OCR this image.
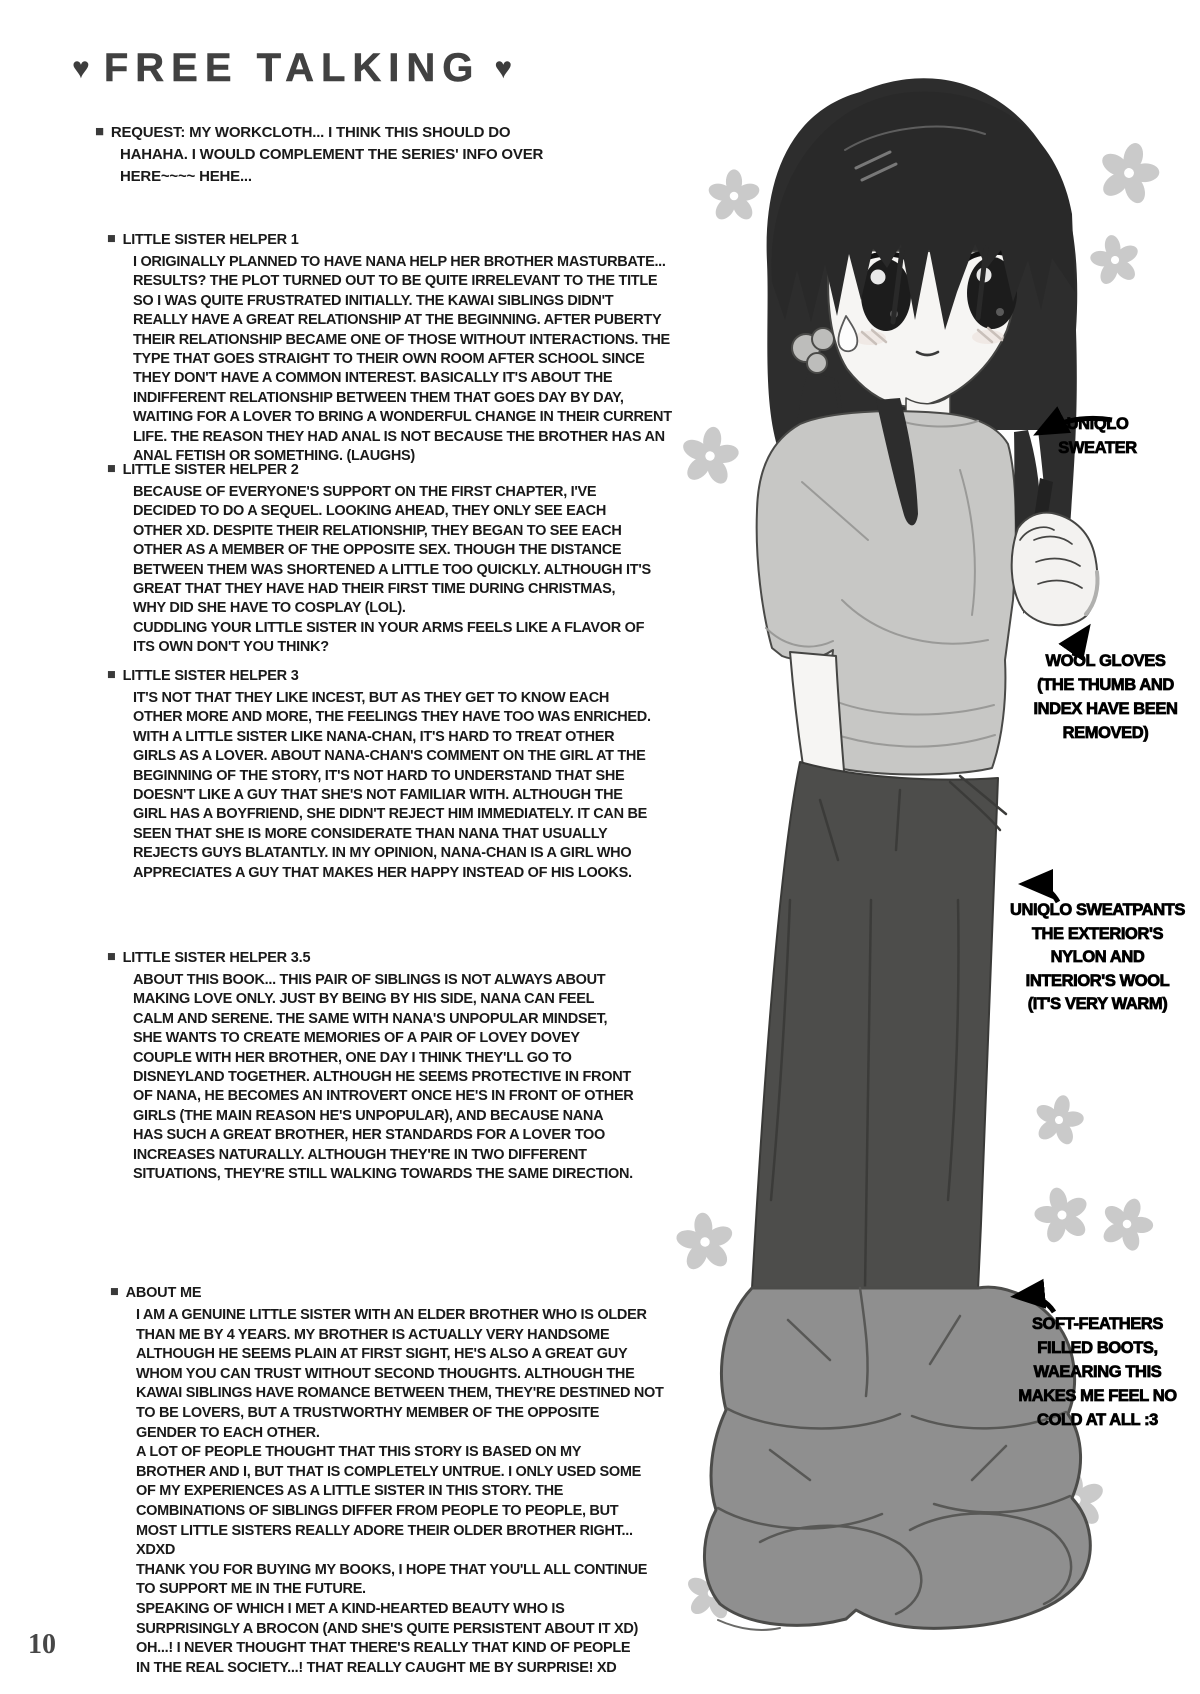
♥ FREE TALKING ♥
■ REQUEST: MY WORKCLOTH... I THINK THIS SHOULD DO
HAHAHA. I WOULD COMPLEMENT THE SERIES' INFO OVER
HERE~~~~ HEHE...
■ LITTLE SISTER HELPER 1
I ORIGINALLY PLANNED TO HAVE NANA HELP HER BROTHER MASTURBATE...
RESULTS? THE PLOT TURNED OUT TO BE QUITE IRRELEVANT TO THE TITLE
SO I WAS QUITE FRUSTRATED INITIALLY. THE KAWAI SIBLINGS DIDN'T
REALLY HAVE A GREAT RELATIONSHIP AT THE BEGINNING. AFTER PUBERTY
THEIR RELATIONSHIP BECAME ONE OF THOSE WITHOUT INTERACTIONS. THE
TYPE THAT GOES STRAIGHT TO THEIR OWN ROOM AFTER SCHOOL SINCE
THEY DON'T HAVE A COMMON INTEREST. BASICALLY IT'S ABOUT THE
INDIFFERENT RELATIONSHIP BETWEEN THEM THAT GOES DAY BY DAY,
WAITING FOR A LOVER TO BRING A WONDERFUL CHANGE IN THEIR CURRENT
LIFE. THE REASON THEY HAD ANAL IS NOT BECAUSE THE BROTHER HAS AN
ANAL FETISH OR SOMETHING. (LAUGHS)
■ LITTLE SISTER HELPER 2
BECAUSE OF EVERYONE'S SUPPORT ON THE FIRST CHAPTER, I'VE
DECIDED TO DO A SEQUEL. LOOKING AHEAD, THEY ONLY SEE EACH
OTHER XD. DESPITE THEIR RELATIONSHIP, THEY BEGAN TO SEE EACH
OTHER AS A MEMBER OF THE OPPOSITE SEX. THOUGH THE DISTANCE
BETWEEN THEM WAS SHORTENED A LITTLE TOO QUICKLY. ALTHOUGH IT'S
GREAT THAT THEY HAVE HAD THEIR FIRST TIME DURING CHRISTMAS,
WHY DID SHE HAVE TO COSPLAY (LOL).
CUDDLING YOUR LITTLE SISTER IN YOUR ARMS FEELS LIKE A FLAVOR OF
ITS OWN DON'T YOU THINK?
■ LITTLE SISTER HELPER 3
IT'S NOT THAT THEY LIKE INCEST, BUT AS THEY GET TO KNOW EACH
OTHER MORE AND MORE, THE FEELINGS THEY HAVE TOO WAS ENRICHED.
WITH A LITTLE SISTER LIKE NANA-CHAN, IT'S HARD TO TREAT OTHER
GIRLS AS A LOVER. ABOUT NANA-CHAN'S COMMENT ON THE GIRL AT THE
BEGINNING OF THE STORY, IT'S NOT HARD TO UNDERSTAND THAT SHE
DOESN'T LIKE A GUY THAT SHE'S NOT FAMILIAR WITH. ALTHOUGH THE
GIRL HAS A BOYFRIEND, SHE DIDN'T REJECT HIM IMMEDIATELY. IT CAN BE
SEEN THAT SHE IS MORE CONSIDERATE THAN NANA THAT USUALLY
REJECTS GUYS BLATANTLY. IN MY OPINION, NANA-CHAN IS A GIRL WHO
APPRECIATES A GUY THAT MAKES HER HAPPY INSTEAD OF HIS LOOKS.
■ LITTLE SISTER HELPER 3.5
ABOUT THIS BOOK... THIS PAIR OF SIBLINGS IS NOT ALWAYS ABOUT
MAKING LOVE ONLY. JUST BY BEING BY HIS SIDE, NANA CAN FEEL
CALM AND SERENE. THE SAME WITH NANA'S UNPOPULAR MINDSET,
SHE WANTS TO CREATE MEMORIES OF A PAIR OF LOVEY DOVEY
COUPLE WITH HER BROTHER, ONE DAY I THINK THEY'LL GO TO
DISNEYLAND TOGETHER. ALTHOUGH HE SEEMS PROTECTIVE IN FRONT
OF NANA, HE BECOMES AN INTROVERT ONCE HE'S IN FRONT OF OTHER
GIRLS (THE MAIN REASON HE'S UNPOPULAR), AND BECAUSE NANA
HAS SUCH A GREAT BROTHER, HER STANDARDS FOR A LOVER TOO
INCREASES NATURALLY. ALTHOUGH THEY'RE IN TWO DIFFERENT
SITUATIONS, THEY'RE STILL WALKING TOWARDS THE SAME DIRECTION.
■ ABOUT ME
I AM A GENUINE LITTLE SISTER WITH AN ELDER BROTHER WHO IS OLDER
THAN ME BY 4 YEARS. MY BROTHER IS ACTUALLY VERY HANDSOME
ALTHOUGH HE SEEMS PLAIN AT FIRST SIGHT, HE'S ALSO A GREAT GUY
WHOM YOU CAN TRUST WITHOUT SECOND THOUGHTS. ALTHOUGH THE
KAWAI SIBLINGS HAVE ROMANCE BETWEEN THEM, THEY'RE DESTINED NOT
TO BE LOVERS, BUT A TRUSTWORTHY MEMBER OF THE OPPOSITE
GENDER TO EACH OTHER.
A LOT OF PEOPLE THOUGHT THAT THIS STORY IS BASED ON MY
BROTHER AND I, BUT THAT IS COMPLETELY UNTRUE. I ONLY USED SOME
OF MY EXPERIENCES AS A LITTLE SISTER IN THIS STORY. THE
COMBINATIONS OF SIBLINGS DIFFER FROM PEOPLE TO PEOPLE, BUT
MOST LITTLE SISTERS REALLY ADORE THEIR OLDER BROTHER RIGHT...
XDXD
THANK YOU FOR BUYING MY BOOKS, I HOPE THAT YOU'LL ALL CONTINUE
TO SUPPORT ME IN THE FUTURE.
SPEAKING OF WHICH I MET A KIND-HEARTED BEAUTY WHO IS
SURPRISINGLY A BROCON (AND SHE'S QUITE PERSISTENT ABOUT IT XD)
OH...! I NEVER THOUGHT THAT THERE'S REALLY THAT KIND OF PEOPLE
IN THE REAL SOCIETY...! THAT REALLY CAUGHT ME BY SURPRISE! XD
UNIQLO
SWEATER
WOOL GLOVES
(THE THUMB AND
INDEX HAVE BEEN
REMOVED)
UNIQLO SWEATPANTS
THE EXTERIOR'S
NYLON AND
INTERIOR'S WOOL
(IT'S VERY WARM)
SOFT-FEATHERS
FILLED BOOTS,
WAEARING THIS
MAKES ME FEEL NO
COLD AT ALL :3
10
